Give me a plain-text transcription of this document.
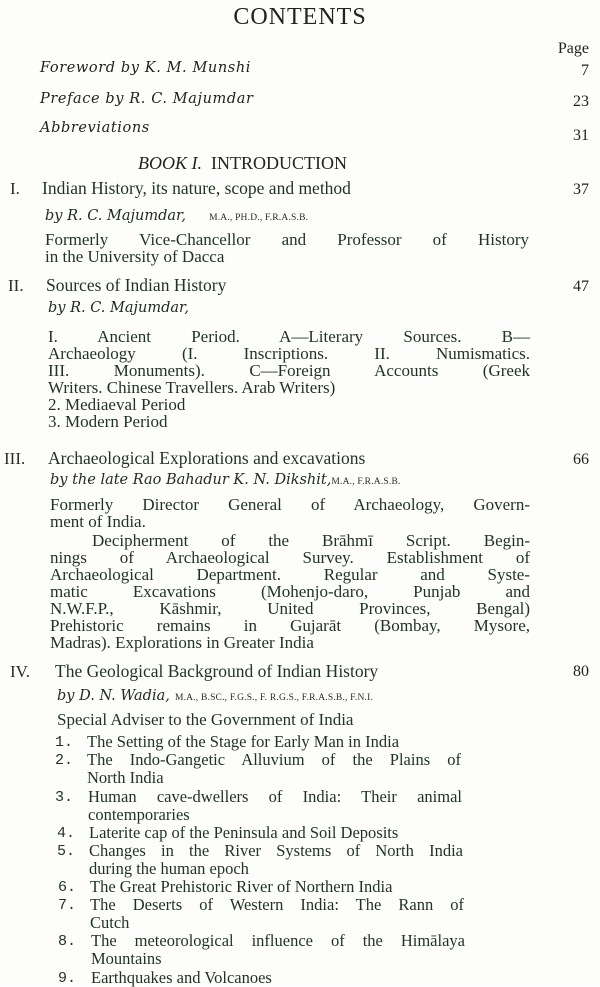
CONTENTS
Page
Foreword by K. M. Munshi	7
Preface by R. C. Majumdar	23
Abbreviations	31
BOOK I. INTRODUCTION
I. Indian History, its nature, scope and method	37
by R. C. Majumdar, M.A., PH.D., F.R.A.S.B.
Formerly Vice-Chancellor and Professor of History
in the University of Dacca
II. Sources of Indian History	47
by R. C. Majumdar,
I. Ancient Period. A—Literary Sources. B—
Archaeology (I. Inscriptions. II. Numismatics.
III. Monuments). C—Foreign Accounts (Greek
Writers. Chinese Travellers. Arab Writers)
2. Mediaeval Period
3. Modern Period
III. Archaeological Explorations and excavations	66
by the late Rao Bahadur K. N. Dikshit,M.A., F.R.A.S.B.
Formerly Director General of Archaeology, Govern-
ment of India.
Decipherment of the Brāhmī Script. Begin-
nings of Archaeological Survey. Establishment of
Archaeological Department. Regular and Syste-
matic Excavations (Mohenjo-daro, Punjab and
N.W.F.P., Kāshmir, United Provinces, Bengal)
Prehistoric remains in Gujarāt (Bombay, Mysore,
Madras). Explorations in Greater India
IV. The Geological Background of Indian History	80
by D. N. Wadia, M.A., B.SC., F.G.S., F. R.G.S., F.R.A.S.B., F.N.I.
Special Adviser to the Government of India
1. The Setting of the Stage for Early Man in India
2. The Indo-Gangetic Alluvium of the Plains of
North India
3. Human cave-dwellers of India: Their animal
contemporaries
4. Laterite cap of the Peninsula and Soil Deposits
5. Changes in the River Systems of North India
during the human epoch
6. The Great Prehistoric River of Northern India
7. The Deserts of Western India: The Rann of
Cutch
8. The meteorological influence of the Himālaya
Mountains
9. Earthquakes and Volcanoes
